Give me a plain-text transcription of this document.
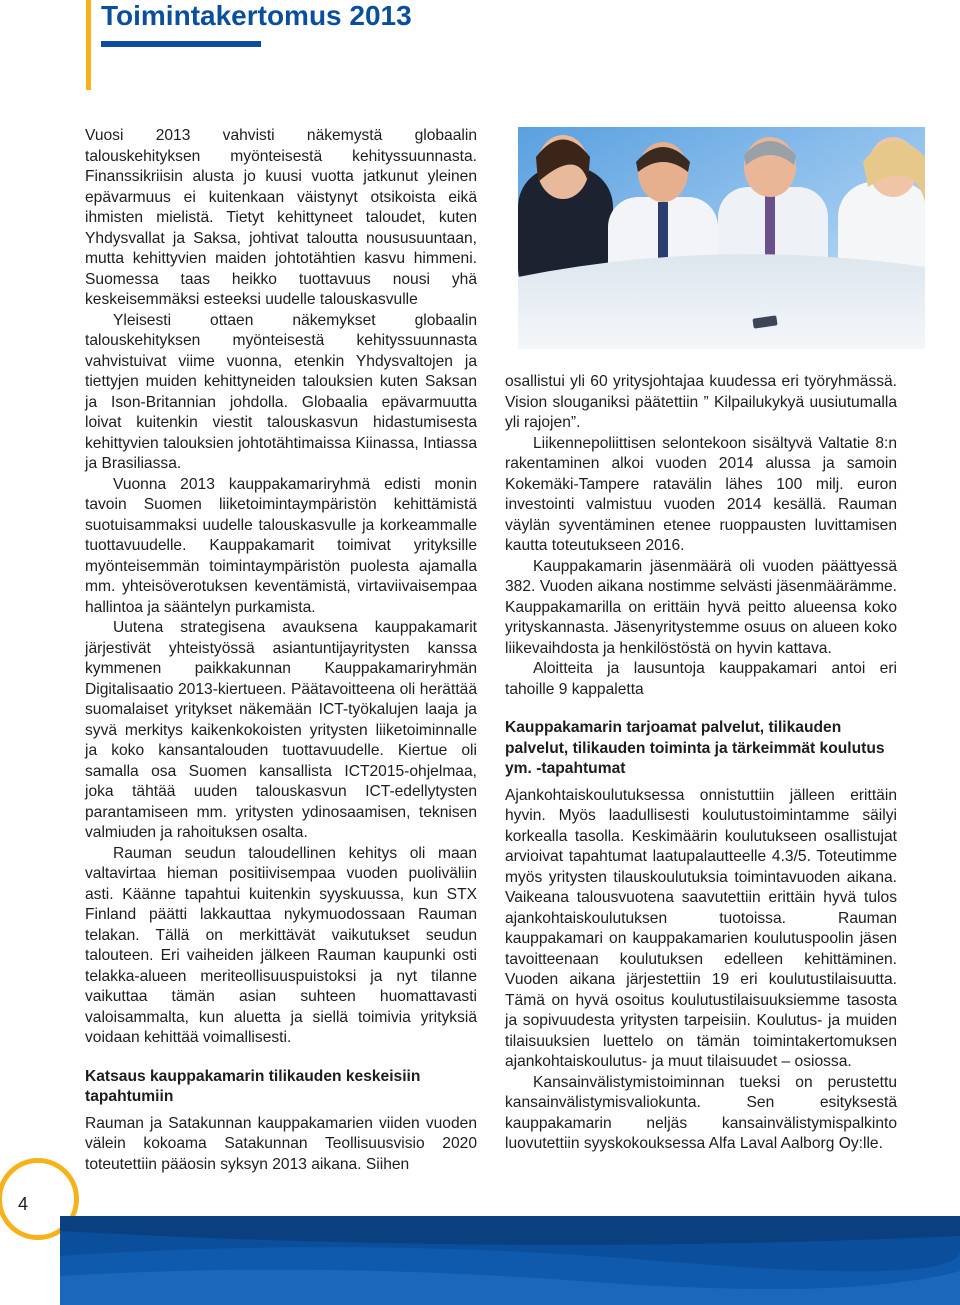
Toimintakertomus 2013

Vuosi 2013 vahvisti näkemystä globaalin talouskehityksen myönteisestä kehityssuunnasta. Finanssikriisin alusta jo kuusi vuotta jatkunut yleinen epävarmuus ei kuitenkaan väistynyt otsikoista eikä ihmisten mielistä. Tietyt kehittyneet taloudet, kuten Yhdysvallat ja Saksa, johtivat taloutta noususuuntaan, mutta kehittyvien maiden johtotähtien kasvu himmeni. Suomessa taas heikko tuottavuus nousi yhä keskeisemmäksi esteeksi uudelle talouskasvulle

Yleisesti ottaen näkemykset globaalin talouskehityksen myönteisestä kehityssuunnasta vahvistuivat viime vuonna, etenkin Yhdysvaltojen ja tiettyjen muiden kehittyneiden talouksien kuten Saksan ja Ison-Britannian johdolla. Globaalia epävarmuutta loivat kuitenkin viestit talouskasvun hidastumisesta kehittyvien talouksien johtotähtimaissa Kiinassa, Intiassa ja Brasiliassa.

Vuonna 2013 kauppakamariryhmä edisti monin tavoin Suomen liiketoimintaympäristön kehittämistä suotuisammaksi uudelle talouskasvulle ja korkeammalle tuottavuudelle. Kauppakamarit toimivat yrityksille myönteisemmän toimintaympäristön puolesta ajamalla mm. yhteisöverotuksen keventämistä, virtaviivaisempaa hallintoa ja sääntelyn purkamista.

Uutena strategisena avauksena kauppakamarit järjestivät yhteistyössä asiantuntijayritysten kanssa kymmenen paikkakunnan Kauppakamariryhmän Digitalisaatio 2013-kiertueen. Päätavoitteena oli herättää suomalaiset yritykset näkemään ICT-työkalujen laaja ja syvä merkitys kaikenkokoisten yritysten liiketoiminnalle ja koko kansantalouden tuottavuudelle. Kiertue oli samalla osa Suomen kansallista ICT2015-ohjelmaa, joka tähtää uuden talouskasvun ICT-edellytysten parantamiseen mm. yritysten ydinosaamisen, teknisen valmiuden ja rahoituksen osalta.

Rauman seudun taloudellinen kehitys oli maan valtavirtaa hieman positiivisempaa vuoden puoliväliin asti. Käänne tapahtui kuitenkin syyskuussa, kun STX Finland päätti lakkauttaa nykymuodossaan Rauman telakan. Tällä on merkittävät vaikutukset seudun talouteen. Eri vaiheiden jälkeen Rauman kaupunki osti telakka-alueen meriteollisuuspuistoksi ja nyt tilanne vaikuttaa tämän asian suhteen huomattavasti valoisammalta, kun aluetta ja siellä toimivia yrityksiä voidaan kehittää voimallisesti.

Katsaus kauppakamarin tilikauden keskeisiin tapahtumiin

Rauman ja Satakunnan kauppakamarien viiden vuoden välein kokoama Satakunnan Teollisuusvisio 2020 toteutettiin pääosin syksyn 2013 aikana. Siihen

osallistui yli 60 yritysjohtajaa kuudessa eri työryhmässä. Vision slouganiksi päätettiin ” Kilpailukykyä uusiutumalla yli rajojen”.

Liikennepoliittisen selontekoon sisältyvä Valtatie 8:n rakentaminen alkoi vuoden 2014 alussa ja samoin Kokemäki-Tampere ratavälin lähes 100 milj. euron investointi valmistuu vuoden 2014 kesällä. Rauman väylän syventäminen etenee ruoppausten luvittamisen kautta toteutukseen 2016.

Kauppakamarin jäsenmäärä oli vuoden päättyessä 382. Vuoden aikana nostimme selvästi jäsenmäärämme. Kauppakamarilla on erittäin hyvä peitto alueensa koko yrityskannasta. Jäsenyritystemme osuus on alueen koko liikevaihdosta ja henkilöstöstä on hyvin kattava.

Aloitteita ja lausuntoja kauppakamari antoi eri tahoille 9 kappaletta

Kauppakamarin tarjoamat palvelut, tilikauden palvelut, tilikauden toiminta ja tärkeimmät koulutus ym. -tapahtumat

Ajankohtaiskoulutuksessa onnistuttiin jälleen erittäin hyvin. Myös laadullisesti koulutustoimintamme säilyi korkealla tasolla. Keskimäärin koulutukseen osallistujat arvioivat tapahtumat laatupalautteelle 4.3/5. Toteutimme myös yritysten tilauskoulutuksia toimintavuoden aikana. Vaikeana talousvuotena saavutettiin erittäin hyvä tulos ajankohtaiskoulutuksen tuotoissa. Rauman kauppakamari on kauppakamarien koulutuspoolin jäsen tavoitteenaan koulutuksen edelleen kehittäminen. Vuoden aikana järjestettiin 19 eri koulutustilaisuutta. Tämä on hyvä osoitus koulutustilaisuuksiemme tasosta ja sopivuudesta yritysten tarpeisiin. Koulutus- ja muiden tilaisuuksien luettelo on tämän toimintakertomuksen ajankohtaiskoulutus- ja muut tilaisuudet – osiossa.

Kansainvälistymistoiminnan tueksi on perustettu kansainvälistymisvaliokunta. Sen esityksestä kauppakamarin neljäs kansainvälistymispalkinto luovutettiin syyskokouksessa Alfa Laval Aalborg Oy:lle.

4
